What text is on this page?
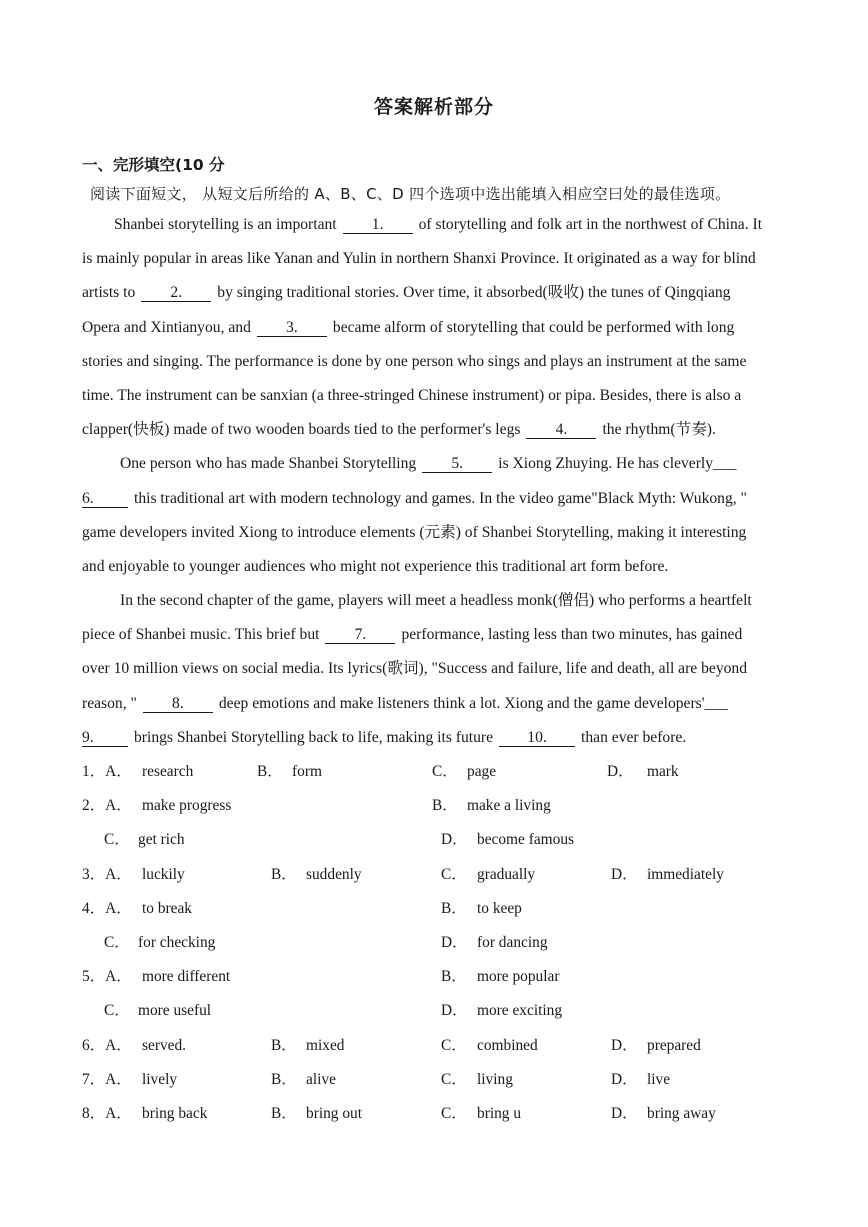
答案解析部分
一、完形填空(10 分
阅读下面短文， 从短文后所给的 A、B、C、D 四个选项中选出能填入相应空曰处的最佳选项。
Shanbei storytelling is an important 1. of storytelling and folk art in the northwest of China. It
is mainly popular in areas like Yanan and Yulin in northern Shanxi Province. It originated as a way for blind
artists to 2. by singing traditional stories. Over time, it absorbed(吸收) the tunes of Qingqiang
Opera and Xintianyou, and 3. became alform of storytelling that could be performed with long
stories and singing. The performance is done by one person who sings and plays an instrument at the same
time. The instrument can be sanxian (a three-stringed Chinese instrument) or pipa. Besides, there is also a
clapper(快板) made of two wooden boards tied to the performer's legs 4. the rhythm(节奏).
One person who has made Shanbei Storytelling 5. is Xiong Zhuying. He has cleverly___
6.	this traditional art with modern technology and games. In the video game"Black Myth: Wukong, "
game developers invited Xiong to introduce elements (元素) of Shanbei Storytelling, making it interesting
and enjoyable to younger audiences who might not experience this traditional art form before.
In the second chapter of the game, players will meet a headless monk(僧侣) who performs a heartfelt
piece of Shanbei music. This brief but 7. performance, lasting less than two minutes, has gained
over 10 million views on social media. Its lyrics(歌词), "Success and failure, life and death, all are beyond
reason, " 8. deep emotions and make listeners think a lot. Xiong and the game developers'___
9.	brings Shanbei Storytelling back to life, making its future 10. than ever before.
1．A． research	B． form	C． page	D． mark
2．A． make progress	B． make a living
C． get rich	D． become famous
3．A． luckily	B． suddenly	C． gradually	D． immediately
4．A． to break	B． to keep
C． for checking	D． for dancing
5．A． more different	B． more popular
C． more useful	D． more exciting
6．A． served.	B． mixed	C． combined	D． prepared
7．A． lively	B． alive	C． living	D． live
8．A． bring back	B． bring out	C． bring u	D． bring away
